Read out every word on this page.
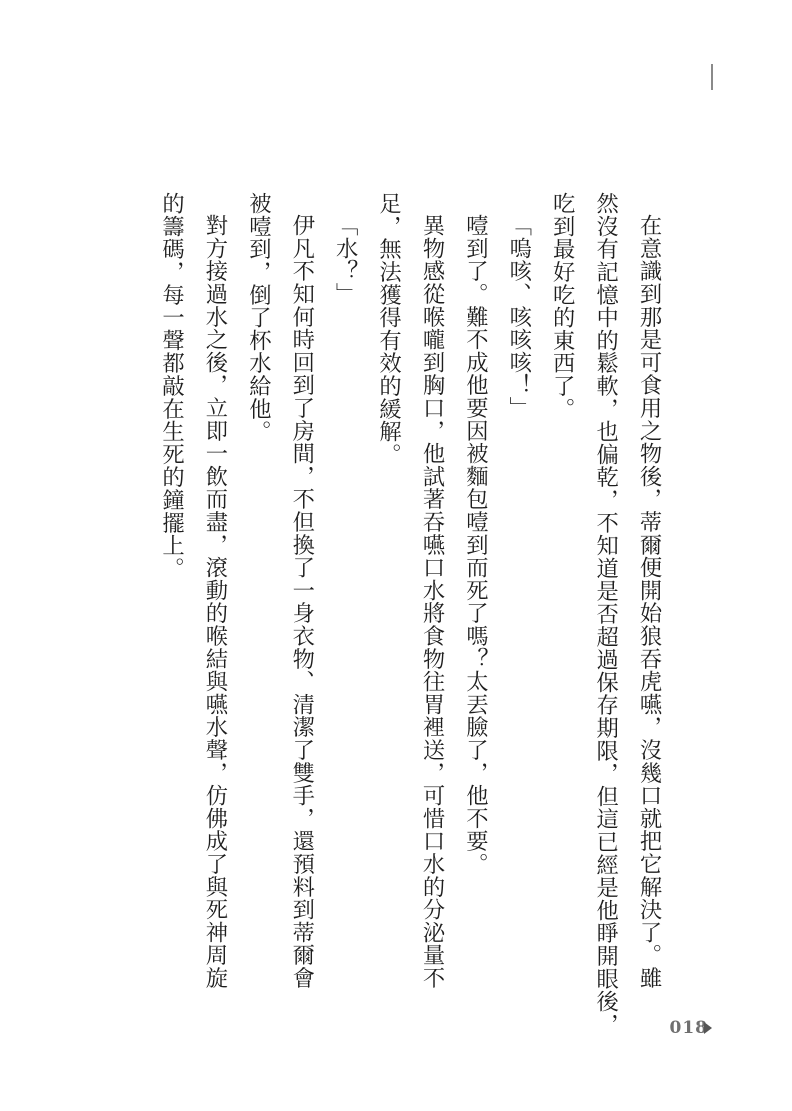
在意識到那是可食用之物後，蒂爾便開始狼吞虎嚥，沒幾口就把它解決了。雖

然沒有記憶中的鬆軟，也偏乾，不知道是否超過保存期限，但這已經是他睜開眼後，

吃到最好吃的東西了。

「嗚咳、咳咳咳！」

噎到了。難不成他要因被麵包噎到而死了嗎？太丟臉了，他不要。

異物感從喉嚨到胸口，他試著吞嚥口水將食物往胃裡送，可惜口水的分泌量不

足，無法獲得有效的緩解。

「水？」

伊凡不知何時回到了房間，不但換了一身衣物、清潔了雙手，還預料到蒂爾會

被噎到，倒了杯水給他。

對方接過水之後，立即一飲而盡，滾動的喉結與嚥水聲，仿佛成了與死神周旋

的籌碼，每一聲都敲在生死的鐘擺上。

018
